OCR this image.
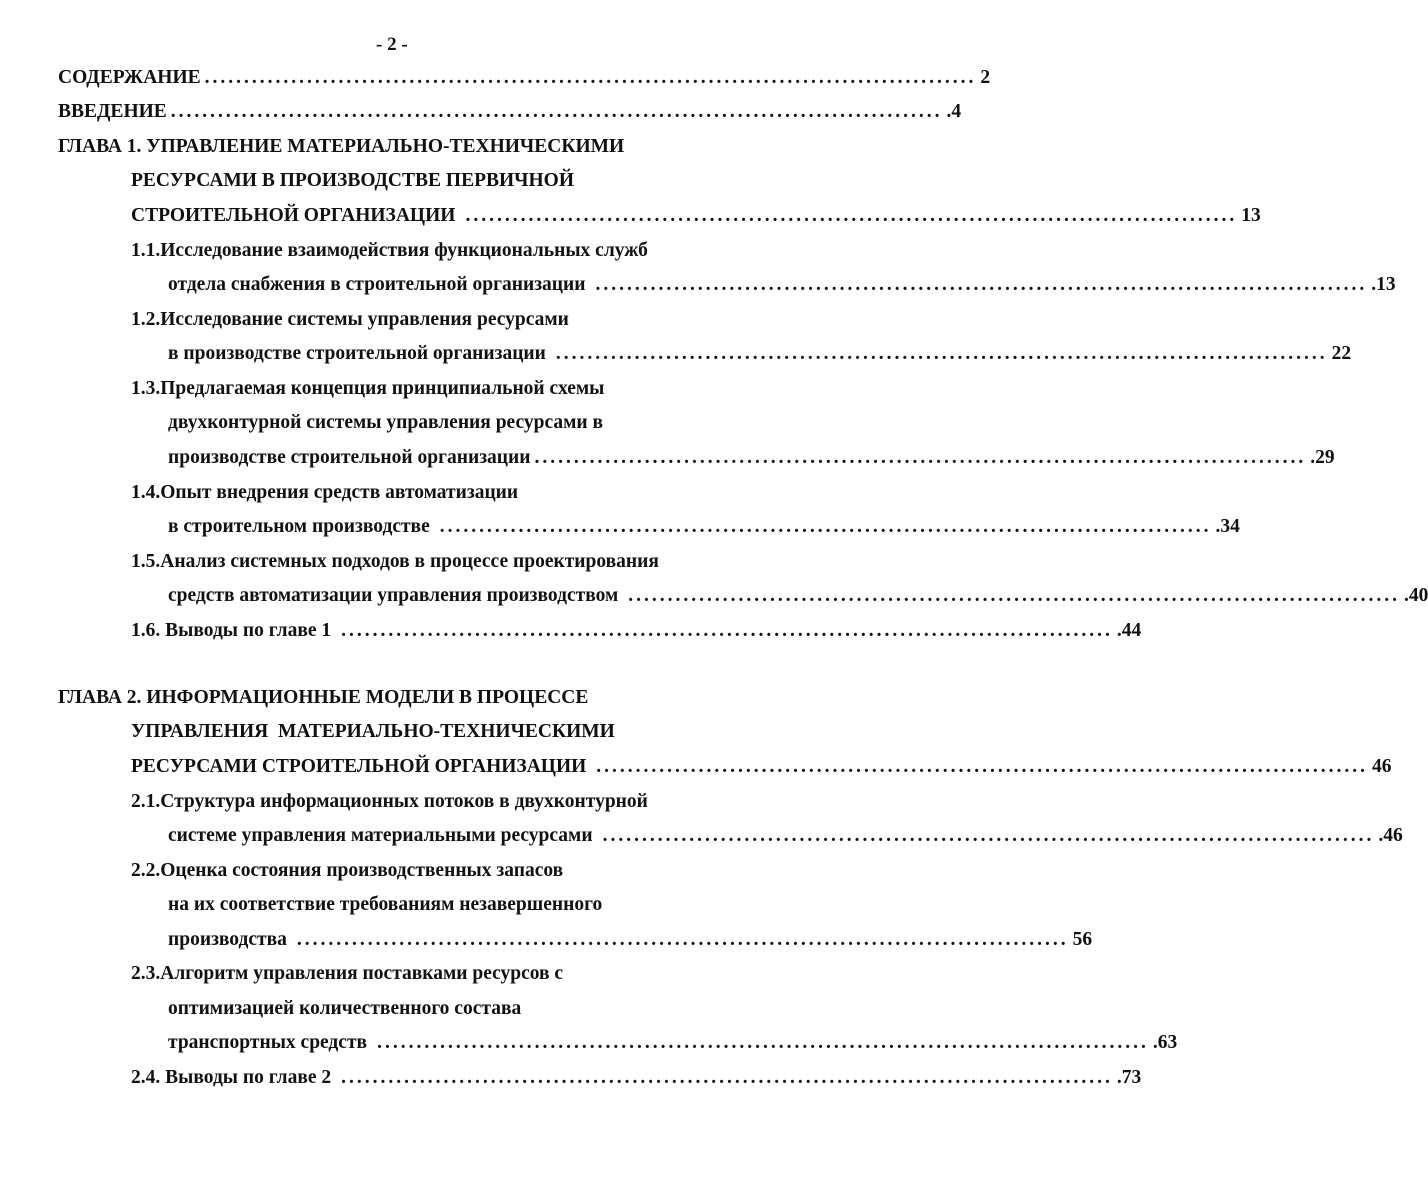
- 2 -
СОДЕРЖАНИЕ .................................................................................................. 2
ВВЕДЕНИЕ .................................................................................................. .4
ГЛАВА 1. УПРАВЛЕНИЕ МАТЕРИАЛЬНО-ТЕХНИЧЕСКИМИ
РЕСУРСАМИ В ПРОИЗВОДСТВЕ ПЕРВИЧНОЙ
СТРОИТЕЛЬНОЙ ОРГАНИЗАЦИИ .................................................................................................. 13
1.1.Исследование взаимодействия функциональных служб
отдела снабжения в строительной организации .................................................................................................. .13
1.2.Исследование системы управления ресурсами
в производстве строительной организации .................................................................................................. 22
1.3.Предлагаемая концепция принципиальной схемы
двухконтурной системы управления ресурсами в
производстве строительной организации .................................................................................................. .29
1.4.Опыт внедрения средств автоматизации
в строительном производстве .................................................................................................. .34
1.5.Анализ системных подходов в процессе проектирования
средств автоматизации управления производством .................................................................................................. .40
1.6. Выводы по главе 1 .................................................................................................. .44
ГЛАВА 2. ИНФОРМАЦИОННЫЕ МОДЕЛИ В ПРОЦЕССЕ
УПРАВЛЕНИЯ  МАТЕРИАЛЬНО-ТЕХНИЧЕСКИМИ
РЕСУРСАМИ СТРОИТЕЛЬНОЙ ОРГАНИЗАЦИИ .................................................................................................. 46
2.1.Структура информационных потоков в двухконтурной
системе управления материальными ресурсами .................................................................................................. .46
2.2.Оценка состояния производственных запасов
на их соответствие требованиям незавершенного
производства .................................................................................................. 56
2.3.Алгоритм управления поставками ресурсов с
оптимизацией количественного состава
транспортных средств .................................................................................................. .63
2.4. Выводы по главе 2 .................................................................................................. .73
